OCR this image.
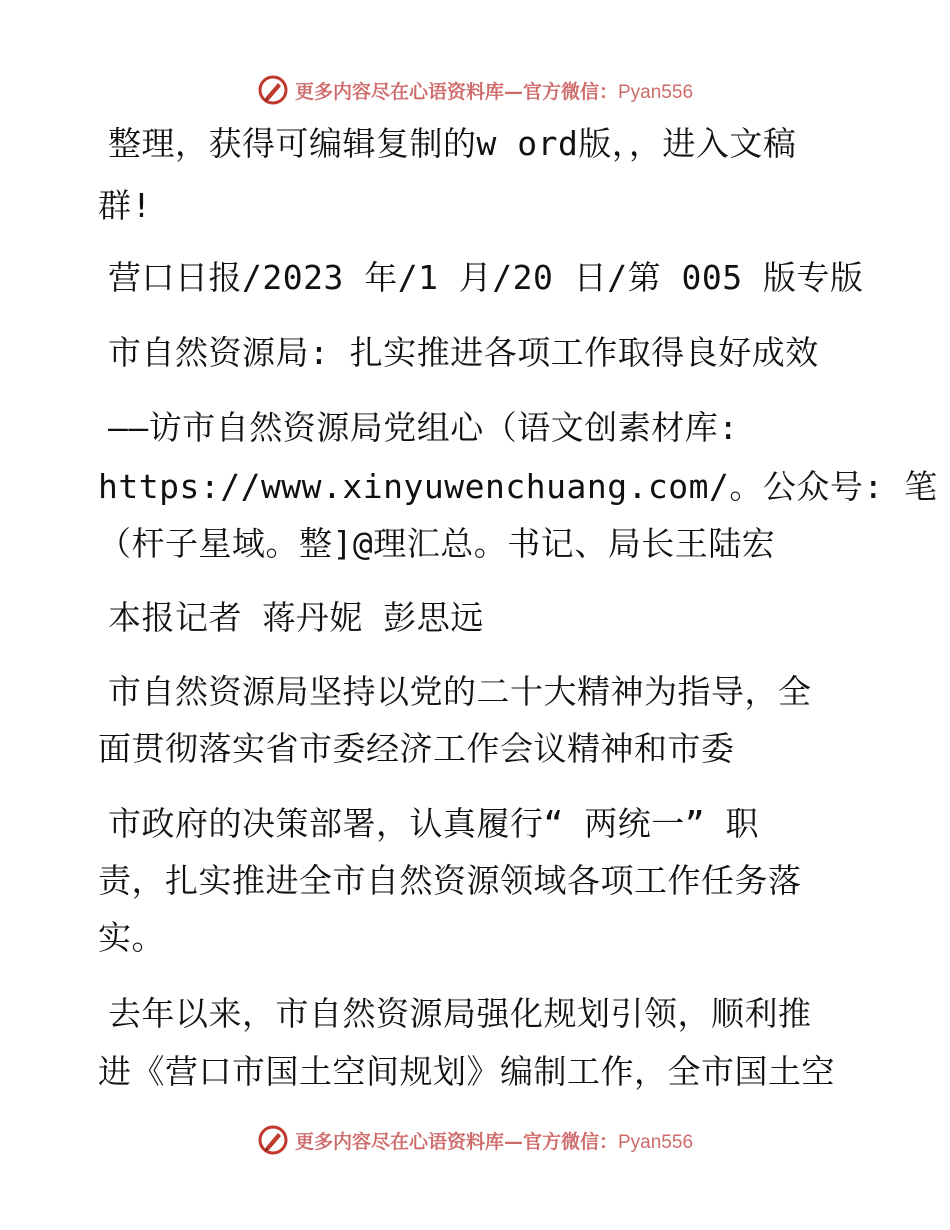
更多内容尽在心语资料库—官方微信：Pyan556
整理，获得可编辑复制的w ord版，，进入文稿
群!
营口日报/2023 年/1 月/20 日/第 005 版专版
市自然资源局: 扎实推进各项工作取得良好成效
——访市自然资源局党组心（语文创素材库:
https://www.xinyuwenchuang.com/。公众号: 笔
（杆子星域。整]@理汇总。书记、局长王陆宏
本报记者 蒋丹妮 彭思远
市自然资源局坚持以党的二十大精神为指导，全
面贯彻落实省市委经济工作会议精神和市委
市政府的决策部署，认真履行“ 两统一” 职
责，扎实推进全市自然资源领域各项工作任务落
实。
去年以来，市自然资源局强化规划引领，顺利推
进《营口市国土空间规划》编制工作，全市国土空
更多内容尽在心语资料库—官方微信：Pyan556
